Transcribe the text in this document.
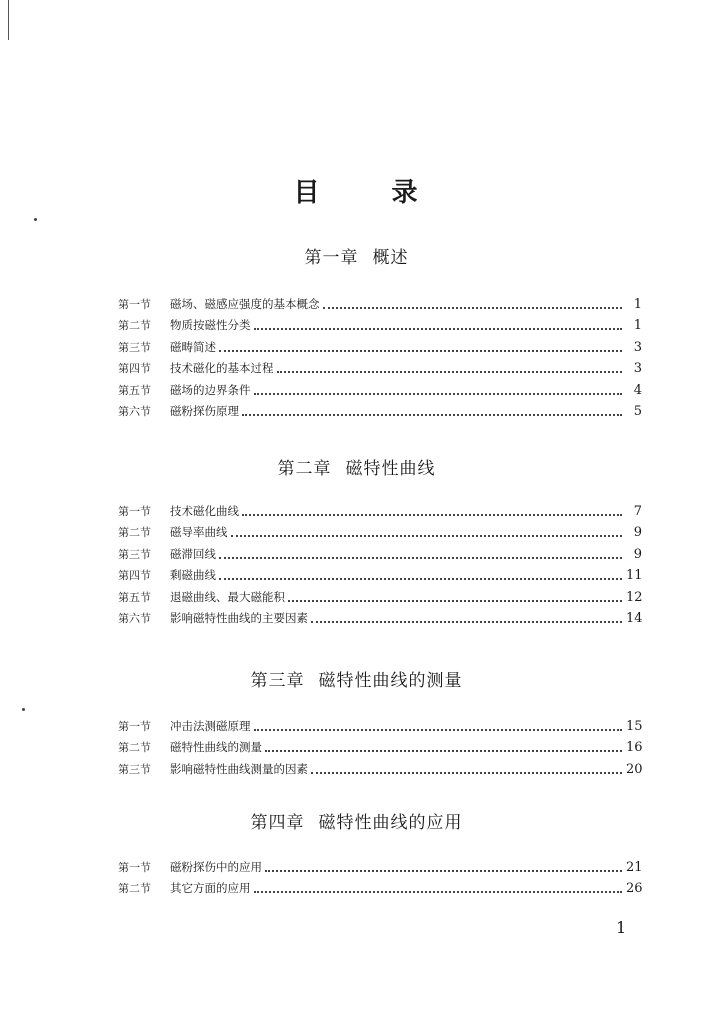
目	录
第一章 概述
第一节	磁场、磁感应强度的基本概念	1
第二节	物质按磁性分类	1
第三节	磁畴简述	3
第四节	技术磁化的基本过程	3
第五节	磁场的边界条件	4
第六节	磁粉探伤原理	5
第二章 磁特性曲线
第一节	技术磁化曲线	7
第二节	磁导率曲线	9
第三节	磁滞回线	9
第四节	剩磁曲线	11
第五节	退磁曲线、最大磁能积	12
第六节	影响磁特性曲线的主要因素	14
第三章 磁特性曲线的测量
第一节	冲击法测磁原理	15
第二节	磁特性曲线的测量	16
第三节	影响磁特性曲线测量的因素	20
第四章 磁特性曲线的应用
第一节	磁粉探伤中的应用	21
第二节	其它方面的应用	26
1
